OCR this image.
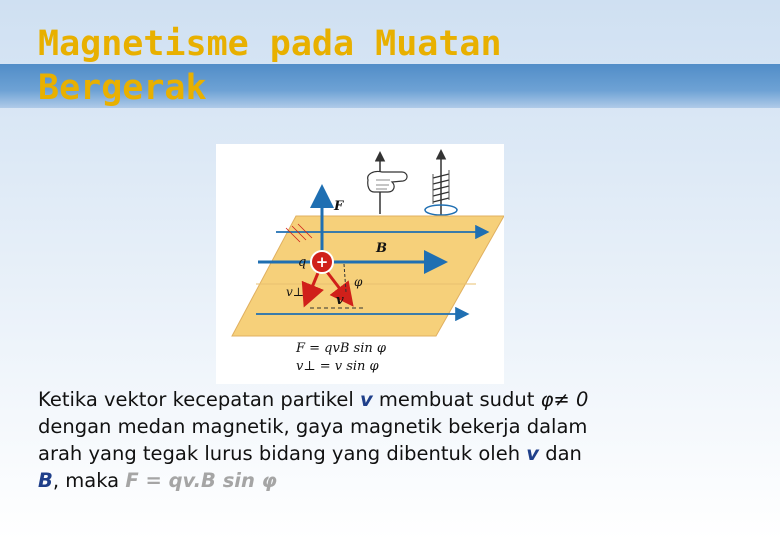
Magnetisme pada Muatan
Bergerak
+
F
B
q
v⊥
v
φ
F = qvB sin φ
v⊥ = v sin φ
Ketika vektor kecepatan partikel v membuat sudut φ≠ 0
dengan medan magnetik, gaya magnetik bekerja dalam
arah yang tegak lurus bidang yang dibentuk oleh v dan
B, maka F = qv.B sin φ
